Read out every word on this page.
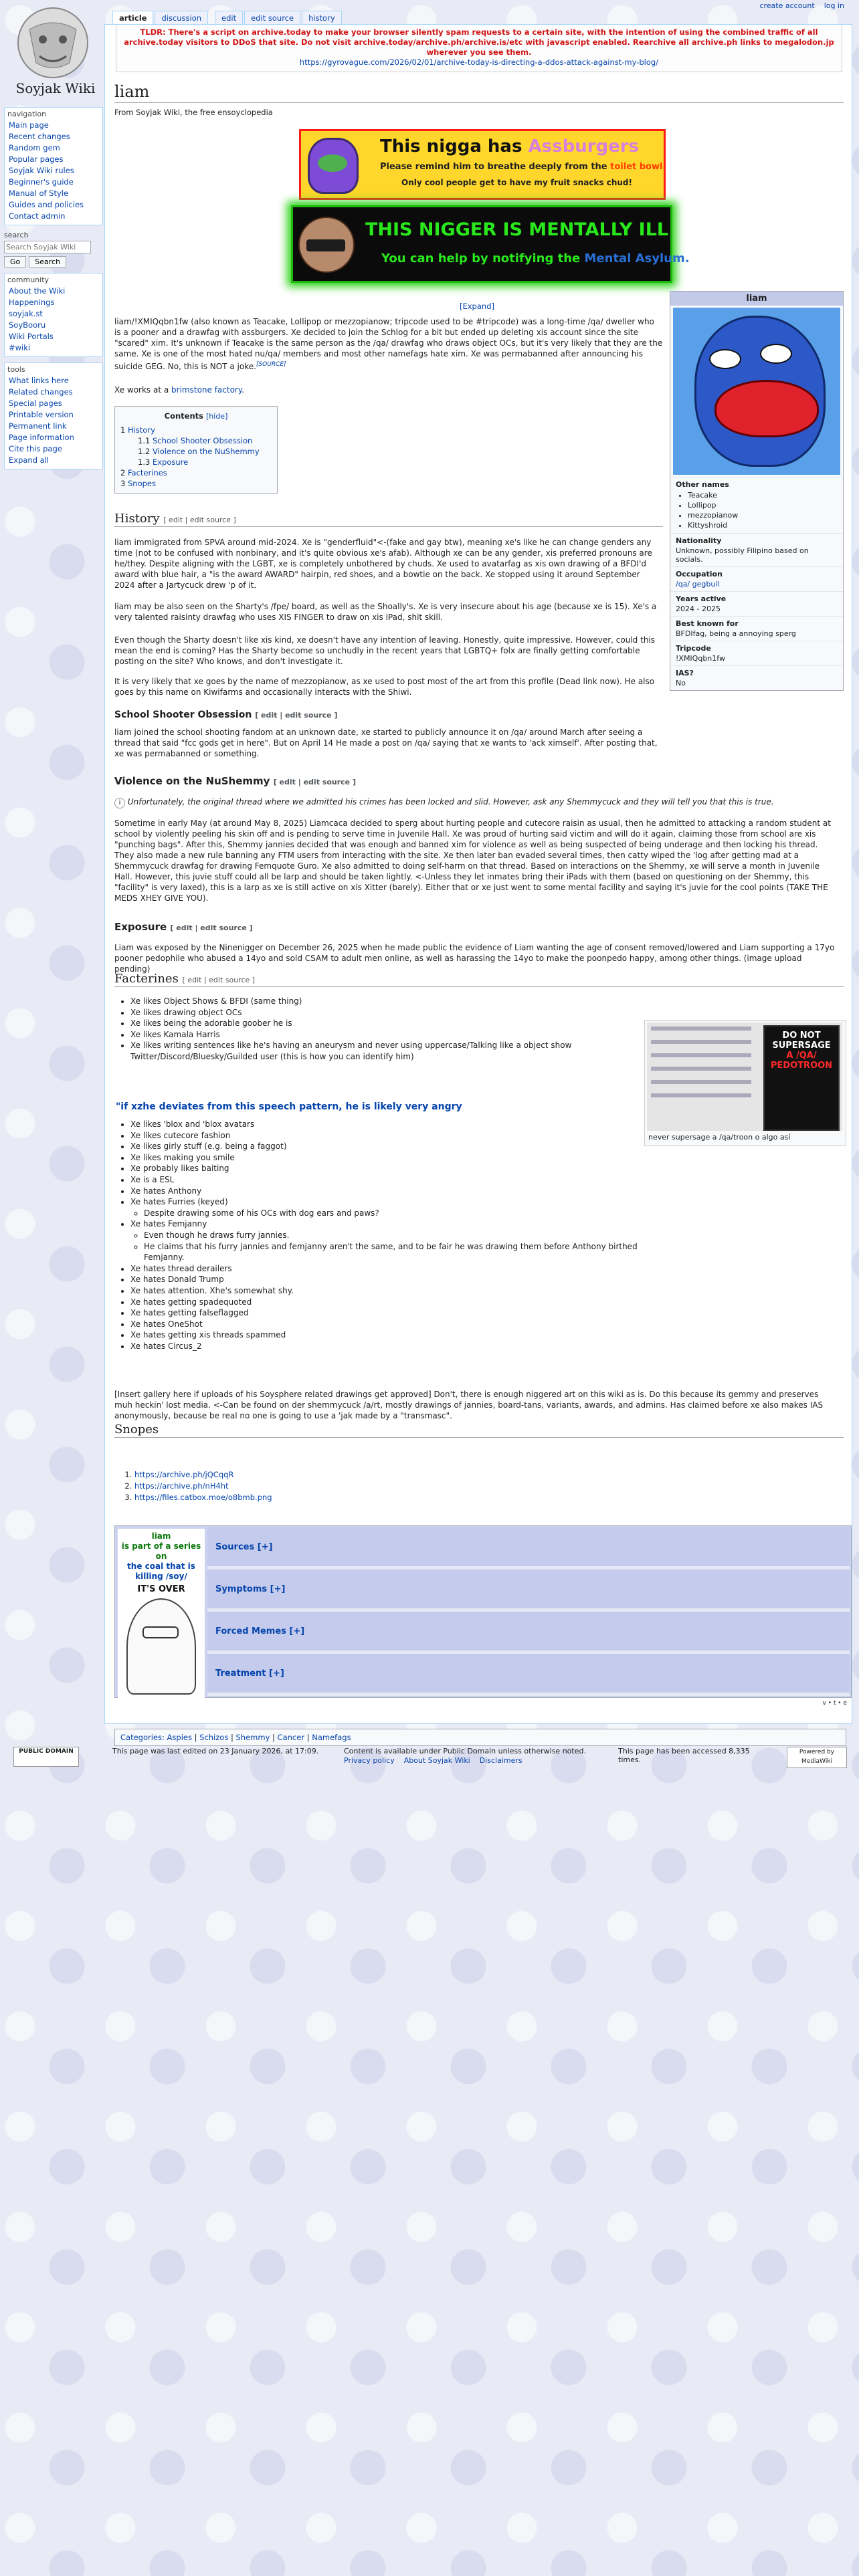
Soyjak Wiki
create account log in
article	discussion	edit	edit source	history
navigation
Main page
Recent changes
Random gem
Popular pages
Soyjak Wiki rules
Beginner's guide
Manual of Style
Guides and policies
Contact admin
search
Search Soyjak Wiki
Go	Search
community
About the Wiki
Happenings
soyjak.st
SoyBooru
Wiki Portals
#wiki
tools
What links here
Related changes
Special pages
Printable version
Permanent link
Page information
Cite this page
Expand all
TLDR: There's a script on archive.today to make your browser silently spam requests to a certain site, with the intention of using the combined traffic of all archive.today visitors to DDoS that site. Do not visit archive.today/archive.ph/archive.is/etc with javascript enabled. Rearchive all archive.ph links to megalodon.jp wherever you see them.
https://gyrovague.com/2026/02/01/archive-today-is-directing-a-ddos-attack-against-my-blog/
liam
From Soyjak Wiki, the free ensoyclopedia
This nigga has Assburgers
Please remind him to breathe deeply from the toilet bowl.
Only cool people get to have my fruit snacks chud!
THIS NIGGER IS MENTALLY ILL
You can help by notifying the Mental Asylum.
[Expand]
liam
Other names
• Teacake
• Lollipop
• mezzopianow
• Kittyshroid
Nationality
Unknown, possibly Filipino based on socials.
Occupation
/qa/ gegbuil
Years active
2024 - 2025
Best known for
BFDIfag, being a annoying sperg
Tripcode
!XMIQqbn1fw
IAS?
No
liam/!XMIQqbn1fw (also known as Teacake, Lollipop or mezzopianow; tripcode used to be #tripcode) was a long-time /qa/ dweller who is a pooner and a drawfag with assburgers. Xe decided to join the Schlog for a bit but ended up deleting xis account since the site "scared" xim. It's unknown if Teacake is the same person as the /qa/ drawfag who draws object OCs, but it's very likely that they are the same. Xe is one of the most hated nu/qa/ members and most other namefags hate xim. Xe was permabanned after announcing his suicide GEG. No, this is NOT a joke.[SOURCE]
Xe works at a brimstone factory.
Contents [hide]
1 History
1.1 School Shooter Obsession
1.2 Violence on the NuShemmy
1.3 Exposure
2 Facterines
3 Snopes
History [ edit | edit source ]
liam immigrated from SPVA around mid-2024. Xe is "genderfluid"<-(fake and gay btw), meaning xe's like he can change genders any time (not to be confused with nonbinary, and it's quite obvious xe's afab). Although xe can be any gender, xis preferred pronouns are he/they. Despite aligning with the LGBT, xe is completely unbothered by chuds. Xe used to avatarfag as xis own drawing of a BFDI'd award with blue hair, a "is the award AWARD" hairpin, red shoes, and a bowtie on the back. Xe stopped using it around September 2024 after a Jartycuck drew 'p of it.
liam may be also seen on the Sharty's /fpe/ board, as well as the Shoally's. Xe is very insecure about his age (because xe is 15). Xe's a very talented raisinty drawfag who uses XIS FINGER to draw on xis iPad, shit skill.
Even though the Sharty doesn't like xis kind, xe doesn't have any intention of leaving. Honestly, quite impressive. However, could this mean the end is coming? Has the Sharty become so unchudly in the recent years that LGBTQ+ folx are finally getting comfortable posting on the site? Who knows, and don't investigate it.
It is very likely that xe goes by the name of mezzopianow, as xe used to post most of the art from this profile (Dead link now). He also goes by this name on Kiwifarms and occasionally interacts with the Shiwi.
School Shooter Obsession [ edit | edit source ]
liam joined the school shooting fandom at an unknown date, xe started to publicly announce it on /qa/ around March after seeing a thread that said "fcc gods get in here". But on April 14 He made a post on /qa/ saying that xe wants to 'ack ximself'. After posting that, xe was permabanned or something.
Violence on the NuShemmy [ edit | edit source ]
i Unfortunately, the original thread where we admitted his crimes has been locked and slid. However, ask any Shemmycuck and they will tell you that this is true.
Sometime in early May (at around May 8, 2025) Liamcaca decided to sperg about hurting people and cutecore raisin as usual, then he admitted to attacking a random student at school by violently peeling his skin off and is pending to serve time in Juvenile Hall. Xe was proud of hurting said victim and will do it again, claiming those from school are xis "punching bags". After this, Shemmy jannies decided that was enough and banned xim for violence as well as being suspected of being underage and then locking his thread. They also made a new rule banning any FTM users from interacting with the site. Xe then later ban evaded several times, then catty wiped the 'log after getting mad at a Shemmycuck drawfag for drawing Femquote Guro. Xe also admitted to doing self-harm on that thread. Based on interactions on the Shemmy, xe will serve a month in Juvenile Hall. However, this juvie stuff could all be larp and should be taken lightly. <-Unless they let inmates bring their iPads with them (based on questioning on der Shemmy, this "facility" is very laxed), this is a larp as xe is still active on xis Xitter (barely). Either that or xe just went to some mental facility and saying it's juvie for the cool points (TAKE THE MEDS XHEY GIVE YOU).
Exposure [ edit | edit source ]
Liam was exposed by the Ninenigger on December 26, 2025 when he made public the evidence of Liam wanting the age of consent removed/lowered and Liam supporting a 17yo pooner pedophile who abused a 14yo and sold CSAM to adult men online, as well as harassing the 14yo to make the poonpedo happy, among other things. (image upload pending)
Facterines [ edit | edit source ]
DO NOT SUPERSAGE
A /QA/ PEDOTROON
never supersage a /qa/troon o algo así
• Xe likes Object Shows & BFDI (same thing)
• Xe likes drawing object OCs
• Xe likes being the adorable goober he is
• Xe likes Kamala Harris
• Xe likes writing sentences like he's having an aneurysm and never using uppercase/Talking like a object show Twitter/Discord/Bluesky/Guilded user (this is how you can identify him)
"if xzhe deviates from this speech pattern, he is likely very angry
• Xe likes 'blox and 'blox avatars
• Xe likes cutecore fashion
• Xe likes girly stuff (e.g. being a faggot)
• Xe likes making you smile
• Xe probably likes baiting
• Xe is a ESL
• Xe hates Anthony
• Xe hates Furries (keyed)
◦ Despite drawing some of his OCs with dog ears and paws?
• Xe hates Femjanny
◦ Even though he draws furry jannies.
◦ He claims that his furry jannies and femjanny aren't the same, and to be fair he was drawing them before Anthony birthed Femjanny.
• Xe hates thread derailers
• Xe hates Donald Trump
• Xe hates attention. Xhe's somewhat shy.
• Xe hates getting spadequoted
• Xe hates getting falseflagged
• Xe hates OneShot
• Xe hates getting xis threads spammed
• Xe hates Circus_2
[Insert gallery here if uploads of his Soysphere related drawings get approved] Don't, there is enough niggered art on this wiki as is. Do this because its gemmy and preserves muh heckin' lost media. <-Can be found on der shemmycuck /a/rt, mostly drawings of jannies, board-tans, variants, awards, and admins. Has claimed before xe also makes IAS anonymously, because be real no one is going to use a 'jak made by a "transmasc".
Snopes
1. https://archive.ph/jQCqqR
2. https://archive.ph/nH4ht
3. https://files.catbox.moe/o8bmb.png
liam
is part of a series on
the coal that is killing /soy/
IT'S OVER
Sources [+]
Symptoms [+]
Forced Memes [+]
Treatment [+]
v • t • e
Categories: Aspies | Schizos | Shemmy | Cancer | Namefags
PUBLIC DOMAIN	This page was last edited on 23 January 2026, at 17:09.	Content is available under Public Domain unless otherwise noted.
Privacy policy About Soyjak Wiki Disclaimers
This page has been accessed 8,335
times.
Powered by MediaWiki
